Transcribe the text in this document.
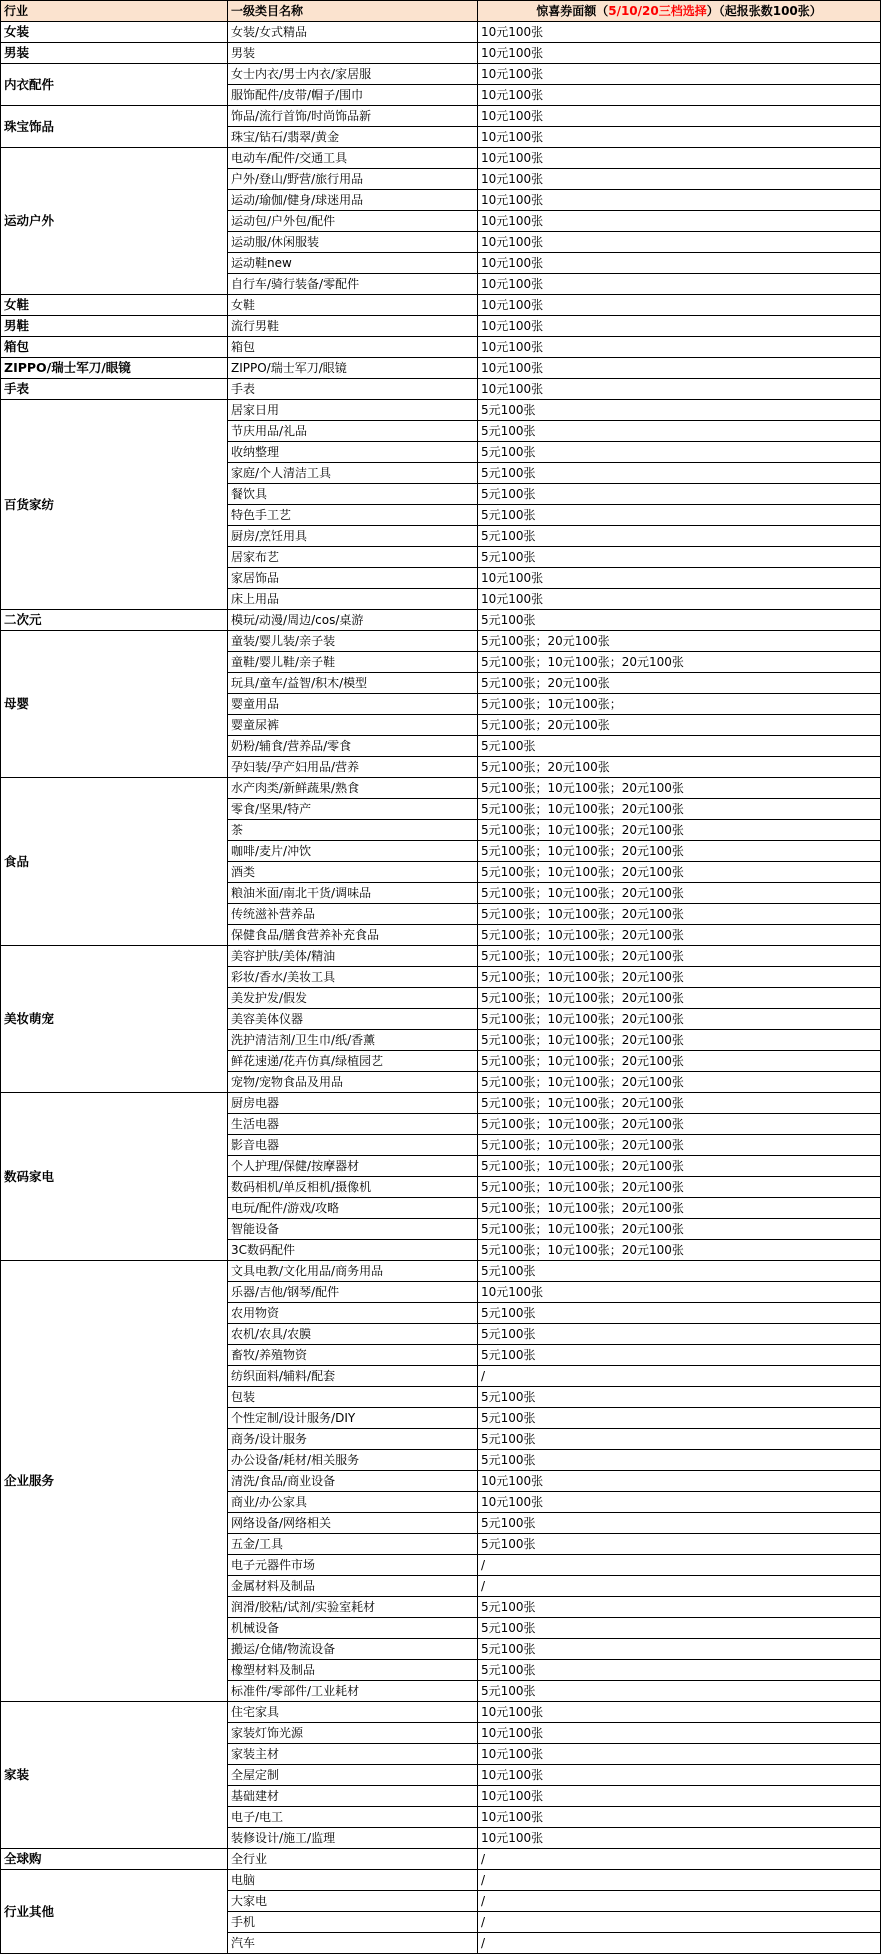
行业	一级类目名称	惊喜券面额（5/10/20三档选择）（起报张数100张）
女装	女装/女式精品	10元100张
男装	男装	10元100张
内衣配件	女士内衣/男士内衣/家居服	10元100张
	服饰配件/皮带/帽子/围巾	10元100张
珠宝饰品	饰品/流行首饰/时尚饰品新	10元100张
	珠宝/钻石/翡翠/黄金	10元100张
运动户外	电动车/配件/交通工具	10元100张
	户外/登山/野营/旅行用品	10元100张
	运动/瑜伽/健身/球迷用品	10元100张
	运动包/户外包/配件	10元100张
	运动服/休闲服装	10元100张
	运动鞋new	10元100张
	自行车/骑行装备/零配件	10元100张
女鞋	女鞋	10元100张
男鞋	流行男鞋	10元100张
箱包	箱包	10元100张
ZIPPO/瑞士军刀/眼镜	ZIPPO/瑞士军刀/眼镜	10元100张
手表	手表	10元100张
百货家纺	居家日用	5元100张
	节庆用品/礼品	5元100张
	收纳整理	5元100张
	家庭/个人清洁工具	5元100张
	餐饮具	5元100张
	特色手工艺	5元100张
	厨房/烹饪用具	5元100张
	居家布艺	5元100张
	家居饰品	10元100张
	床上用品	10元100张
二次元	模玩/动漫/周边/cos/桌游	5元100张
母婴	童装/婴儿装/亲子装	5元100张；20元100张
	童鞋/婴儿鞋/亲子鞋	5元100张；10元100张；20元100张
	玩具/童车/益智/积木/模型	5元100张；20元100张
	婴童用品	5元100张；10元100张；
	婴童尿裤	5元100张；20元100张
	奶粉/辅食/营养品/零食	5元100张
	孕妇装/孕产妇用品/营养	5元100张；20元100张
食品	水产肉类/新鲜蔬果/熟食	5元100张；10元100张；20元100张
	零食/坚果/特产	5元100张；10元100张；20元100张
	茶	5元100张；10元100张；20元100张
	咖啡/麦片/冲饮	5元100张；10元100张；20元100张
	酒类	5元100张；10元100张；20元100张
	粮油米面/南北干货/调味品	5元100张；10元100张；20元100张
	传统滋补营养品	5元100张；10元100张；20元100张
	保健食品/膳食营养补充食品	5元100张；10元100张；20元100张
美妆萌宠	美容护肤/美体/精油	5元100张；10元100张；20元100张
	彩妆/香水/美妆工具	5元100张；10元100张；20元100张
	美发护发/假发	5元100张；10元100张；20元100张
	美容美体仪器	5元100张；10元100张；20元100张
	洗护清洁剂/卫生巾/纸/香薰	5元100张；10元100张；20元100张
	鲜花速递/花卉仿真/绿植园艺	5元100张；10元100张；20元100张
	宠物/宠物食品及用品	5元100张；10元100张；20元100张
数码家电	厨房电器	5元100张；10元100张；20元100张
	生活电器	5元100张；10元100张；20元100张
	影音电器	5元100张；10元100张；20元100张
	个人护理/保健/按摩器材	5元100张；10元100张；20元100张
	数码相机/单反相机/摄像机	5元100张；10元100张；20元100张
	电玩/配件/游戏/攻略	5元100张；10元100张；20元100张
	智能设备	5元100张；10元100张；20元100张
	3C数码配件	5元100张；10元100张；20元100张
企业服务	文具电教/文化用品/商务用品	5元100张
	乐器/吉他/钢琴/配件	10元100张
	农用物资	5元100张
	农机/农具/农膜	5元100张
	畜牧/养殖物资	5元100张
	纺织面料/辅料/配套	/
	包装	5元100张
	个性定制/设计服务/DIY	5元100张
	商务/设计服务	5元100张
	办公设备/耗材/相关服务	5元100张
	清洗/食品/商业设备	10元100张
	商业/办公家具	10元100张
	网络设备/网络相关	5元100张
	五金/工具	5元100张
	电子元器件市场	/
	金属材料及制品	/
	润滑/胶粘/试剂/实验室耗材	5元100张
	机械设备	5元100张
	搬运/仓储/物流设备	5元100张
	橡塑材料及制品	5元100张
	标准件/零部件/工业耗材	5元100张
家装	住宅家具	10元100张
	家装灯饰光源	10元100张
	家装主材	10元100张
	全屋定制	10元100张
	基础建材	10元100张
	电子/电工	10元100张
	装修设计/施工/监理	10元100张
全球购	全行业	/
行业其他	电脑	/
	大家电	/
	手机	/
	汽车	/
